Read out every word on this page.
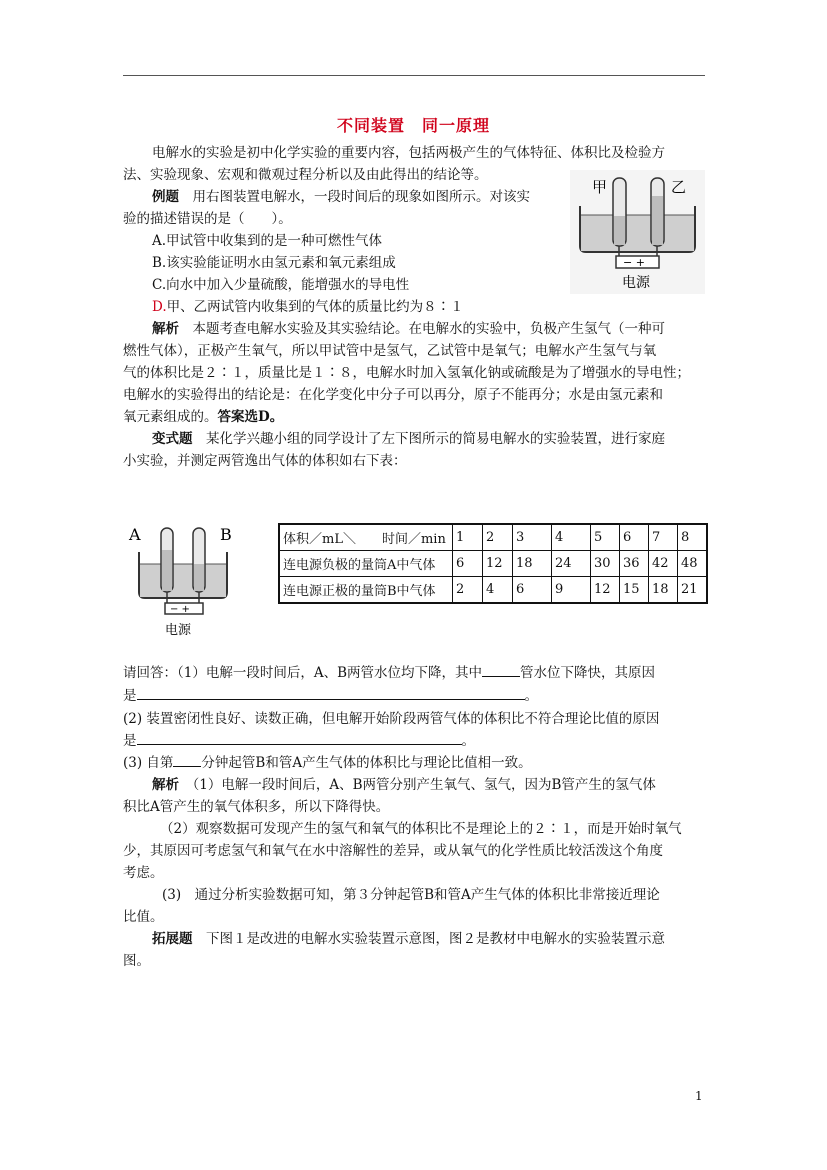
不同装置　同一原理
电解水的实验是初中化学实验的重要内容，包括两极产生的气体特征、体积比及检验方
法、实验现象、宏观和微观过程分析以及由此得出的结论等。
例题　用右图装置电解水，一段时间后的现象如图所示。对该实
验的描述错误的是（　　）。
A.甲试管中收集到的是一种可燃性气体
B.该实验能证明水由氢元素和氧元素组成
C.向水中加入少量硫酸，能增强水的导电性
D.甲、乙两试管内收集到的气体的质量比约为８∶１
甲	乙
− +
电源
解析　本题考查电解水实验及其实验结论。在电解水的实验中，负极产生氢气（一种可
燃性气体），正极产生氧气，所以甲试管中是氢气，乙试管中是氧气；电解水产生氢气与氧
气的体积比是２∶１，质量比是１∶８，电解水时加入氢氧化钠或硫酸是为了增强水的导电性；
电解水的实验得出的结论是：在化学变化中分子可以再分，原子不能再分；水是由氢元素和
氧元素组成的。答案选D。
变式题　某化学兴趣小组的同学设计了左下图所示的简易电解水的实验装置，进行家庭
小实验，并测定两管逸出气体的体积如右下表：
A	B
− +
电源
体积／mL＼　　时间／min	1	2	3	4	5	6	7	8
连电源负极的量筒A中气体	6	12	18	24	30	36	42	48
连电源正极的量筒B中气体	2	4	6	9	12	15	18	21
请回答：（1）电解一段时间后，A、B两管水位均下降，其中	管水位下降快，其原因
是	。
(2) 装置密闭性良好、读数正确，但电解开始阶段两管气体的体积比不符合理论比值的原因
是	。
(3) 自第 分钟起管B和管A产生气体的体积比与理论比值相一致。
解析　（1）电解一段时间后，A、B两管分别产生氧气、氢气，因为B管产生的氢气体
积比A管产生的氧气体积多，所以下降得快。
（2）观察数据可发现产生的氢气和氧气的体积比不是理论上的２∶１，而是开始时氧气
少，其原因可考虑氢气和氧气在水中溶解性的差异，或从氧气的化学性质比较活泼这个角度
考虑。
(3)　通过分析实验数据可知，第３分钟起管B和管A产生气体的体积比非常接近理论
比值。
拓展题　下图１是改进的电解水实验装置示意图，图２是教材中电解水的实验装置示意
图。
1
